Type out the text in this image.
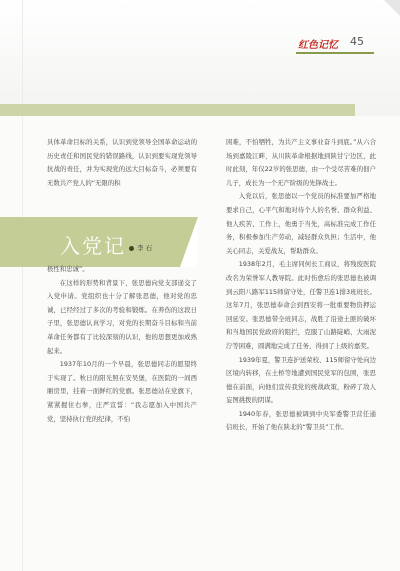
红色记忆 45

具体革命目标的关系，认识到党领导全国革命运动的历史责任和国民党的错误路线，认识到要实现党领导抗战的责任，并为实现党的远大目标奋斗，必须要有无数共产党人的“无限的积

入党记	李 石

极性和忠诚”。

在这样的形势和背景下，张思德向党支部递交了入党申请。党组织也十分了解张思德，他对党的忠诚，已经经过了多次的考验和锻炼。在养伤的这段日子里，张思德认真学习，对党的长期奋斗目标和当前革命任务都有了比较深刻的认识，他的思想更加成熟起来。

1937年10月的一个早晨，张思德同志的愿望终于实现了。秋日的阳光照在安吴堡，在医院的一间西厢房里，挂着一面鲜红的党旗。张思德站在党旗下，紧紧握住右拳，庄严宣誓：“我志愿加入中国共产党，坚持执行党的纪律，不怕

困难，不怕牺牲，为共产主义事业奋斗到底。”从六合场到嘉陵江畔，从川陕革命根据地到陕甘宁边区，此时此刻，年仅22岁的张思德，由一个受尽苦难的佃户儿子，成长为一个无产阶级的先锋战士。

入党以后，张思德以一个党员的标准要加严格地要求自己，心平气和地对待个人的名誉、群众利益、他人疾苦、工作上，他勇于当先，高标准完成工作任务，积极参加生产劳动，减轻群众负担；生活中，他关心同志，关爱战友，帮助群众。

1938年2月，毛主席同何长工商议，将残废医院改名为荣誉军人教导院。此时伤愈后的张思德也被调到云阳八路军115师留守处，任警卫连1排3班班长。这年7月，张思德奉命会到西安将一批重要物资押运回延安。张思德带全班同志，战胜了沿途土匪的破坏和当地国民党政府的阻拦，克服了山路陡峭、大雨泥泞等困难，圆满地完成了任务，得到了上级的嘉奖。

1939年夏，警卫连护送荣校、115师留守处向边区境内转移，在土桥等地遭到国民党军的包围，张思德在前面，向他们宣传我党的统战政策，粉碎了敌人妄图挑拨的阴谋。

1940年春，张思德被调到中央军委警卫营任通信班长，开始了他在陕北的“警卫员”工作。
